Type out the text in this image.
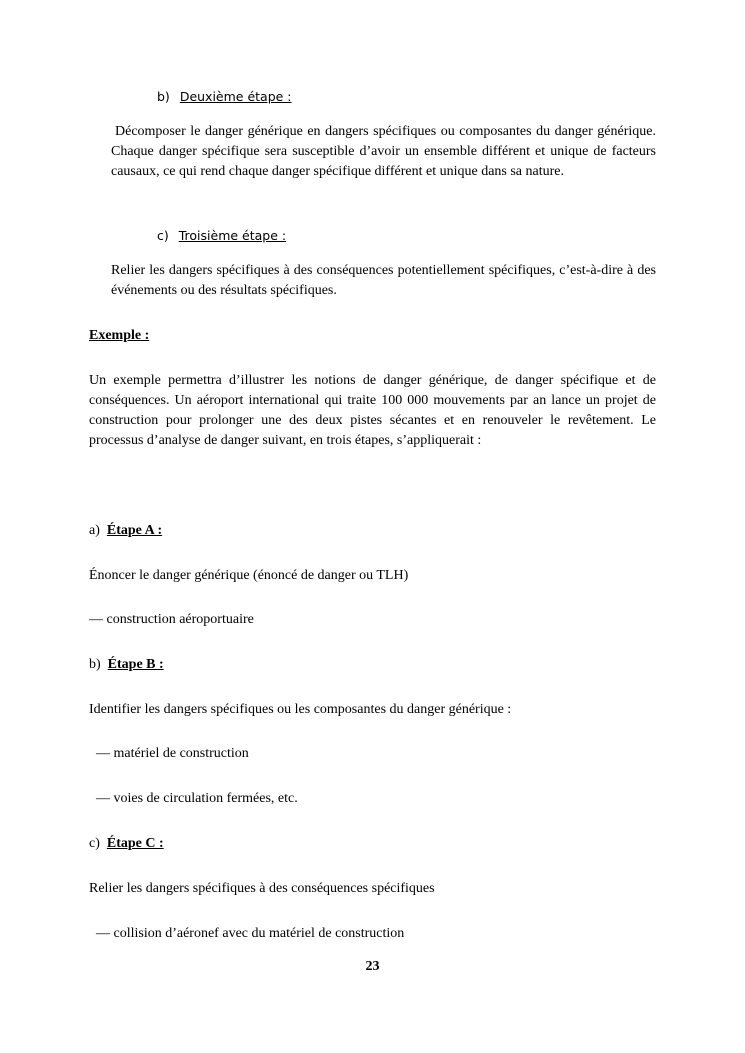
b) Deuxième étape :

Décomposer le danger générique en dangers spécifiques ou composantes du danger générique. Chaque danger spécifique sera susceptible d’avoir un ensemble différent et unique de facteurs causaux, ce qui rend chaque danger spécifique différent et unique dans sa nature.

c) Troisième étape :

Relier les dangers spécifiques à des conséquences potentiellement spécifiques, c’est-à-dire à des événements ou des résultats spécifiques.

Exemple :

Un exemple permettra d’illustrer les notions de danger générique, de danger spécifique et de conséquences. Un aéroport international qui traite 100 000 mouvements par an lance un projet de construction pour prolonger une des deux pistes sécantes et en renouveler le revêtement. Le processus d’analyse de danger suivant, en trois étapes, s’appliquerait :

a) Étape A :
Énoncer le danger générique (énoncé de danger ou TLH)
— construction aéroportuaire
b) Étape B :
Identifier les dangers spécifiques ou les composantes du danger générique :
— matériel de construction
— voies de circulation fermées, etc.
c) Étape C :
Relier les dangers spécifiques à des conséquences spécifiques
— collision d’aéronef avec du matériel de construction
23
